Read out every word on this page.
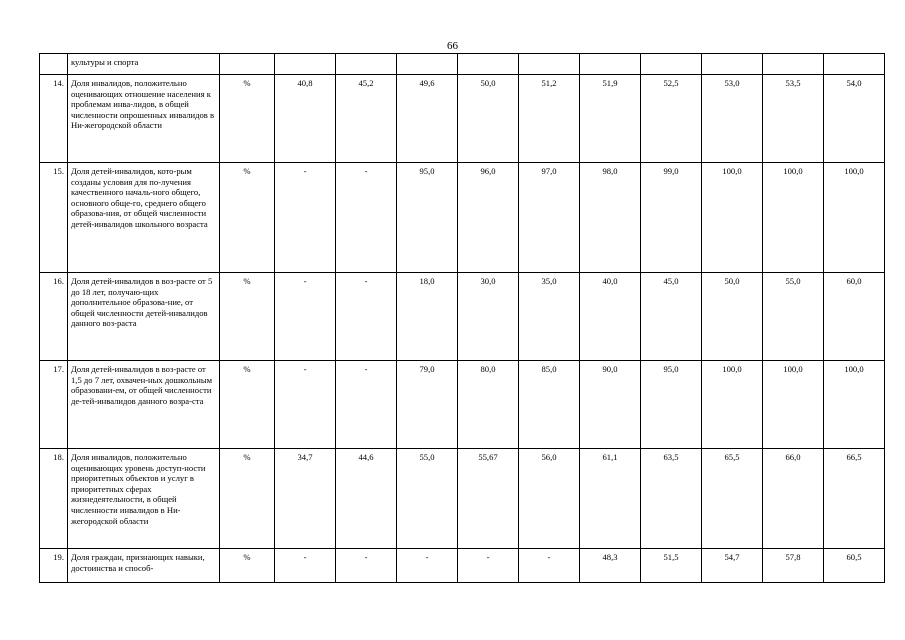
66
	культуры и спорта											
14.	Доля инвалидов, положительно оценивающих отношение населения к проблемам инва-лидов, в общей численности опрошенных инвалидов в Ни-жегородской области	%	40,8	45,2	49,6	50,0	51,2	51,9	52,5	53,0	53,5	54,0
15.	Доля детей-инвалидов, кото-рым созданы условия для по-лучения качественного началь-ного общего, основного обще-го, среднего общего образова-ния, от общей численности детей-инвалидов школьного возраста	%	-	-	95,0	96,0	97,0	98,0	99,0	100,0	100,0	100,0
16.	Доля детей-инвалидов в воз-расте от 5 до 18 лет, получаю-щих дополнительное образова-ние, от общей численности детей-инвалидов данного воз-раста	%	-	-	18,0	30,0	35,0	40,0	45,0	50,0	55,0	60,0
17.	Доля детей-инвалидов в воз-расте от 1,5 до 7 лет, охвачен-ных дошкольным образовани-ем, от общей численности де-тей-инвалидов данного возра-ста	%	-	-	79,0	80,0	85,0	90,0	95,0	100,0	100,0	100,0
18.	Доля инвалидов, положительно оценивающих уровень доступ-ности приоритетных объектов и услуг в приоритетных сферах жизнедеятельности, в общей численности инвалидов в Ни-жегородской области	%	34,7	44,6	55,0	55,67	56,0	61,1	63,5	65,5	66,0	66,5
19.	Доля граждан, признающих навыки, достоинства и способ-	%	-	-	-	-	-	48,3	51,5	54,7	57,8	60,5
